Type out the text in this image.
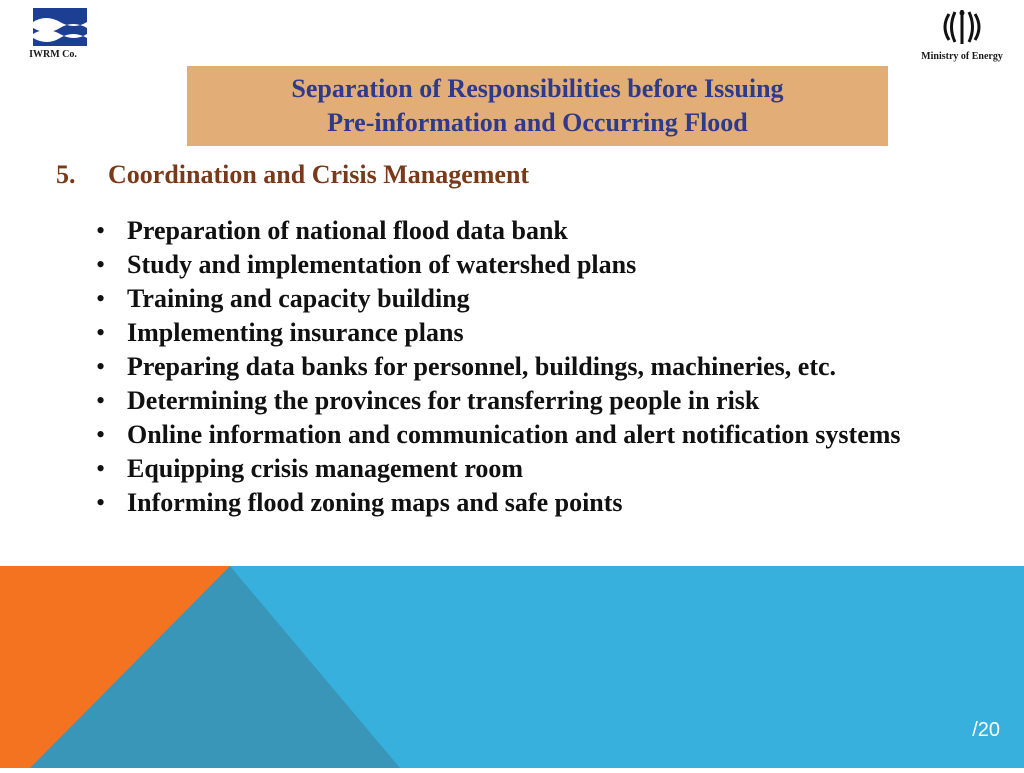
IWRM Co.	Ministry of Energy
Separation of Responsibilities before Issuing
Pre-information and Occurring Flood
5. Coordination and Crisis Management
• Preparation of national flood data bank
• Study and implementation of watershed plans
• Training and capacity building
• Implementing insurance plans
• Preparing data banks for personnel, buildings, machineries, etc.
• Determining the provinces for transferring people in risk
• Online information and communication and alert notification systems
• Equipping crisis management room
• Informing flood zoning maps and safe points
/20
